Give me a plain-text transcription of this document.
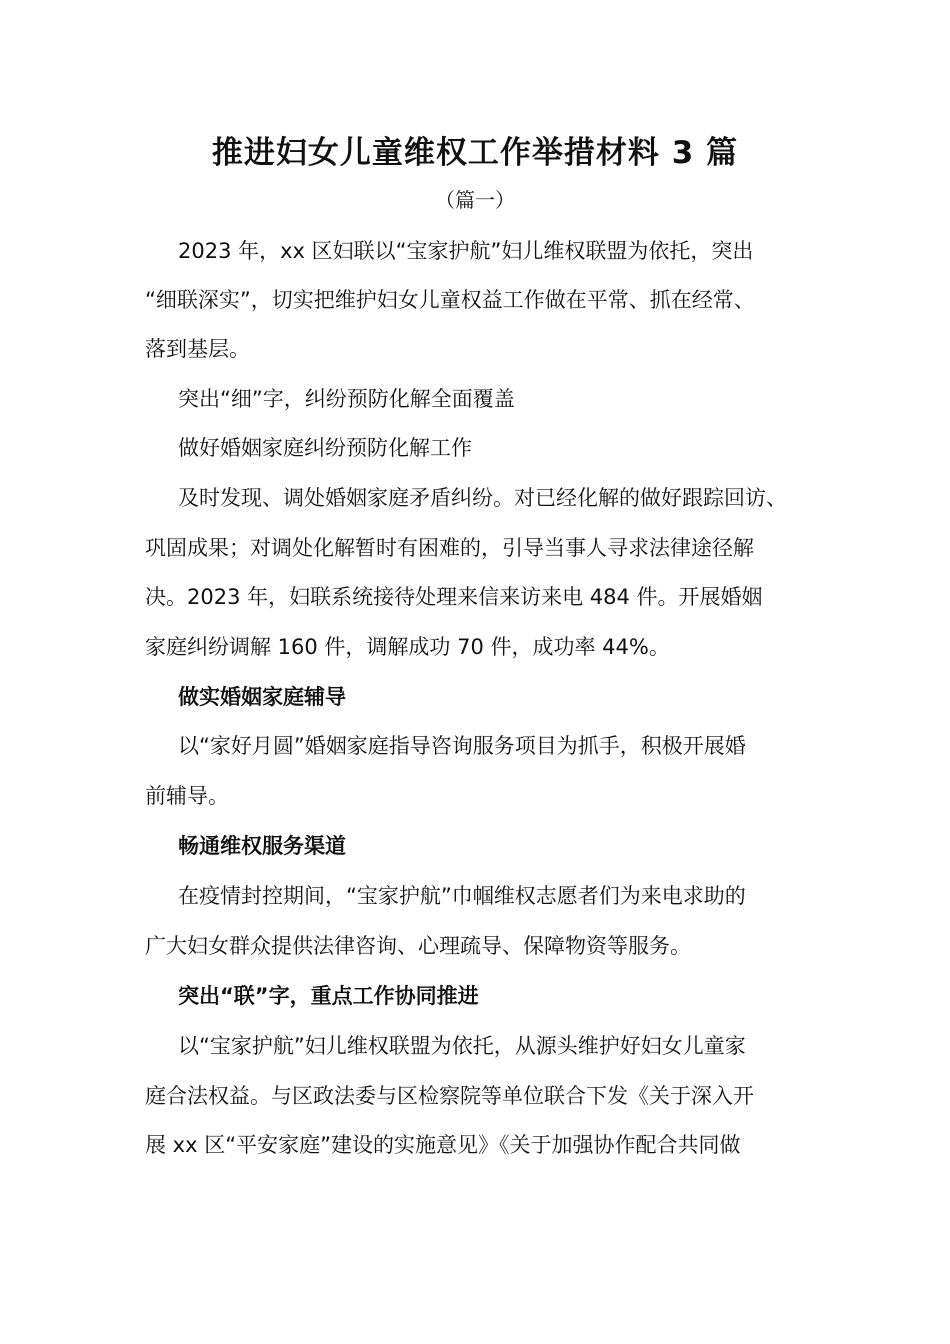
推进妇女儿童维权工作举措材料 3 篇
（篇一）
2023 年，xx 区妇联以“宝家护航”妇儿维权联盟为依托，突出
“细联深实”，切实把维护妇女儿童权益工作做在平常、抓在经常、
落到基层。
突出“细”字，纠纷预防化解全面覆盖
做好婚姻家庭纠纷预防化解工作
及时发现、调处婚姻家庭矛盾纠纷。对已经化解的做好跟踪回访、
巩固成果；对调处化解暂时有困难的，引导当事人寻求法律途径解
决。2023 年，妇联系统接待处理来信来访来电 484 件。开展婚姻
家庭纠纷调解 160 件，调解成功 70 件，成功率 44%。
做实婚姻家庭辅导
以“家好月圆”婚姻家庭指导咨询服务项目为抓手，积极开展婚
前辅导。
畅通维权服务渠道
在疫情封控期间，“宝家护航”巾帼维权志愿者们为来电求助的
广大妇女群众提供法律咨询、心理疏导、保障物资等服务。
突出“联”字，重点工作协同推进
以“宝家护航”妇儿维权联盟为依托，从源头维护好妇女儿童家
庭合法权益。与区政法委与区检察院等单位联合下发《关于深入开
展 xx 区“平安家庭”建设的实施意见》《关于加强协作配合共同做
